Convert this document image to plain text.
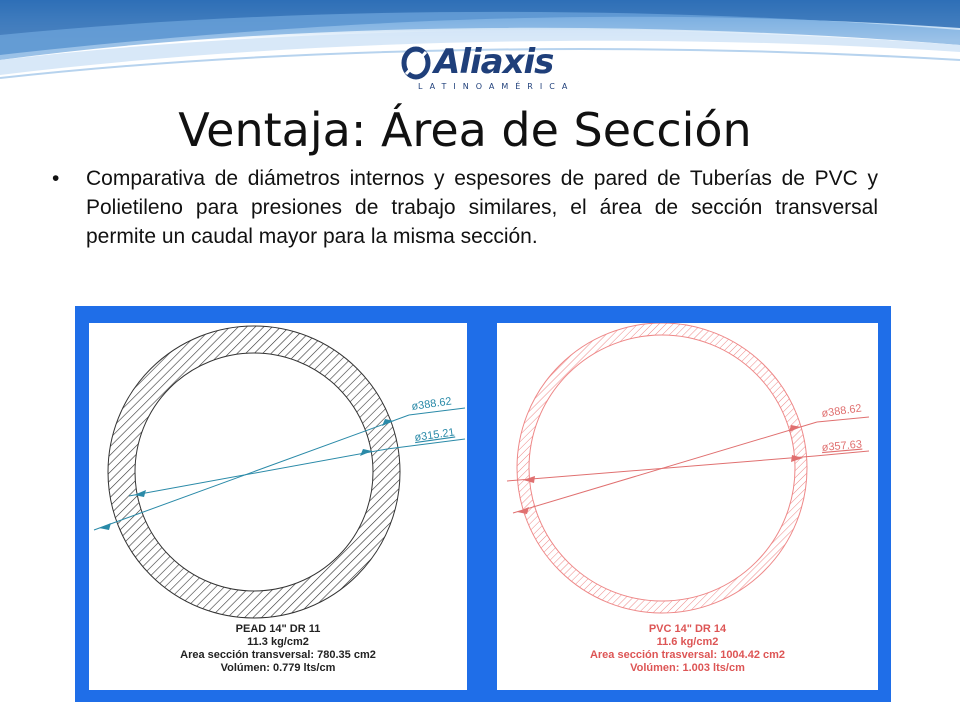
Aliaxis
LATINOAMÉRICA
Ventaja: Área de Sección
• Comparativa de diámetros internos y espesores de pared de Tuberías de PVC y Polietileno para presiones de trabajo similares, el área de sección transversal permite un caudal mayor para la misma sección.
ø388.62
ø315.21
PEAD 14" DR 11
11.3 kg/cm2
Area sección transversal: 780.35 cm2
Volúmen: 0.779 lts/cm
ø388.62
ø357.63
PVC 14" DR 14
11.6 kg/cm2
Area sección trasversal: 1004.42 cm2
Volúmen: 1.003 lts/cm
